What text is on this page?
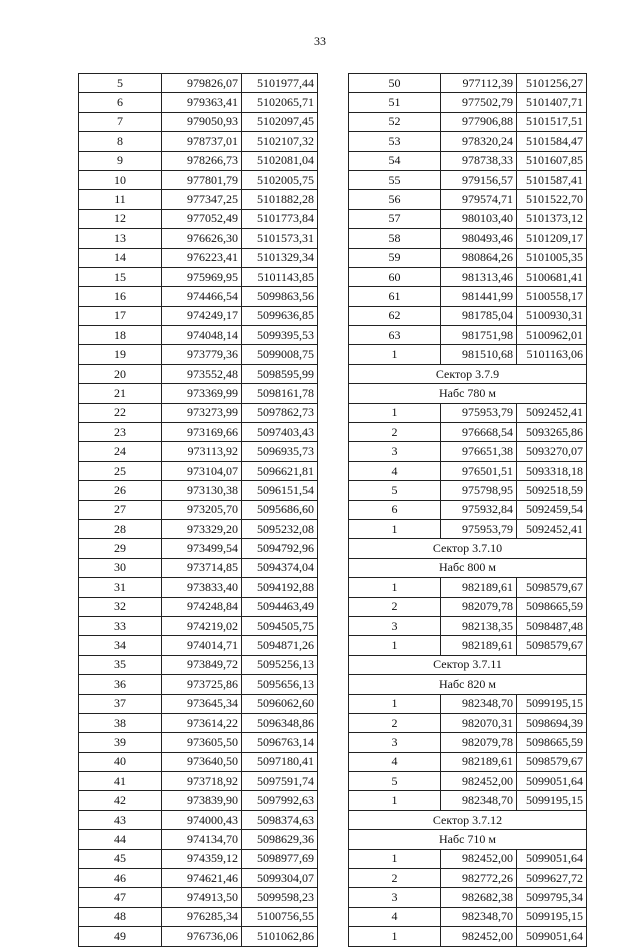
33
5	979826,07	5101977,44
6	979363,41	5102065,71
7	979050,93	5102097,45
8	978737,01	5102107,32
9	978266,73	5102081,04
10	977801,79	5102005,75
11	977347,25	5101882,28
12	977052,49	5101773,84
13	976626,30	5101573,31
14	976223,41	5101329,34
15	975969,95	5101143,85
16	974466,54	5099863,56
17	974249,17	5099636,85
18	974048,14	5099395,53
19	973779,36	5099008,75
20	973552,48	5098595,99
21	973369,99	5098161,78
22	973273,99	5097862,73
23	973169,66	5097403,43
24	973113,92	5096935,73
25	973104,07	5096621,81
26	973130,38	5096151,54
27	973205,70	5095686,60
28	973329,20	5095232,08
29	973499,54	5094792,96
30	973714,85	5094374,04
31	973833,40	5094192,88
32	974248,84	5094463,49
33	974219,02	5094505,75
34	974014,71	5094871,26
35	973849,72	5095256,13
36	973725,86	5095656,13
37	973645,34	5096062,60
38	973614,22	5096348,86
39	973605,50	5096763,14
40	973640,50	5097180,41
41	973718,92	5097591,74
42	973839,90	5097992,63
43	974000,43	5098374,63
44	974134,70	5098629,36
45	974359,12	5098977,69
46	974621,46	5099304,07
47	974913,50	5099598,23
48	976285,34	5100756,55
49	976736,06	5101062,86
50	977112,39	5101256,27
51	977502,79	5101407,71
52	977906,88	5101517,51
53	978320,24	5101584,47
54	978738,33	5101607,85
55	979156,57	5101587,41
56	979574,71	5101522,70
57	980103,40	5101373,12
58	980493,46	5101209,17
59	980864,26	5101005,35
60	981313,46	5100681,41
61	981441,99	5100558,17
62	981785,04	5100930,31
63	981751,98	5100962,01
1	981510,68	5101163,06
Сектор 3.7.9		
Набс 780 м		
1	975953,79	5092452,41
2	976668,54	5093265,86
3	976651,38	5093270,07
4	976501,51	5093318,18
5	975798,95	5092518,59
6	975932,84	5092459,54
1	975953,79	5092452,41
Сектор 3.7.10		
Набс 800 м		
1	982189,61	5098579,67
2	982079,78	5098665,59
3	982138,35	5098487,48
1	982189,61	5098579,67
Сектор 3.7.11		
Набс 820 м		
1	982348,70	5099195,15
2	982070,31	5098694,39
3	982079,78	5098665,59
4	982189,61	5098579,67
5	982452,00	5099051,64
1	982348,70	5099195,15
Сектор 3.7.12		
Набс 710 м		
1	982452,00	5099051,64
2	982772,26	5099627,72
3	982682,38	5099795,34
4	982348,70	5099195,15
1	982452,00	5099051,64
